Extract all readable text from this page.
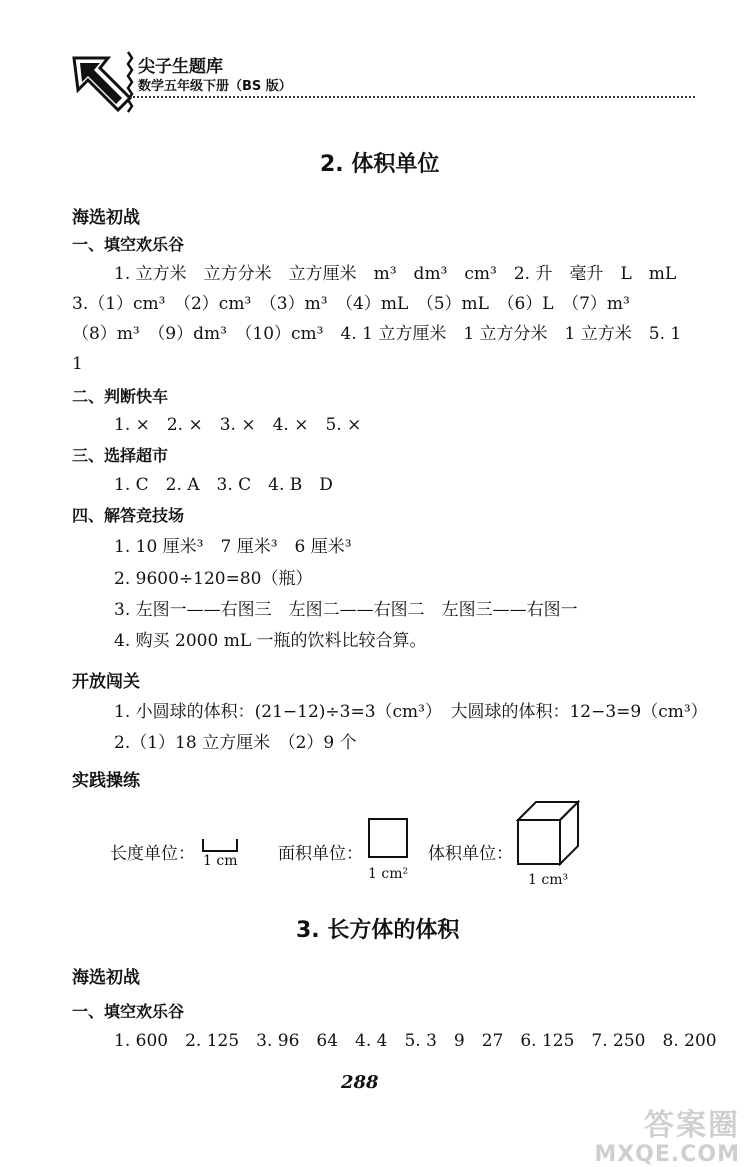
尖子生题库
数学五年级下册（BS 版）
2. 体积单位
海选初战
一、填空欢乐谷
1. 立方米　立方分米　立方厘米　m³　dm³　cm³　2. 升　毫升　L　mL
3.（1）cm³　（2）cm³　（3）m³　（4）mL　（5）mL　（6）L　（7）m³
（8）m³　（9）dm³　（10）cm³　4. 1 立方厘米　1 立方分米　1 立方米　5. 1
1
二、判断快车
1. ×　2. ×　3. ×　4. ×　5. ×
三、选择超市
1. C　2. A　3. C　4. B　D
四、解答竞技场
1. 10 厘米³　7 厘米³　6 厘米³
2. 9600÷120=80（瓶）
3. 左图一——右图三　左图二——右图二　左图三——右图一
4. 购买 2000 mL 一瓶的饮料比较合算。
开放闯关
1. 小圆球的体积：(21−12)÷3=3（cm³）　大圆球的体积：12−3=9（cm³）
2.（1）18 立方厘米　（2）9 个
实践操练
长度单位： 1 cm 面积单位：
1 cm²
体积单位：
1 cm³
3. 长方体的体积
海选初战
一、填空欢乐谷
1. 600　2. 125　3. 96　64　4. 4　5. 3　9　27　6. 125　7. 250　8. 200
288
答案圈
MXQE.COM
